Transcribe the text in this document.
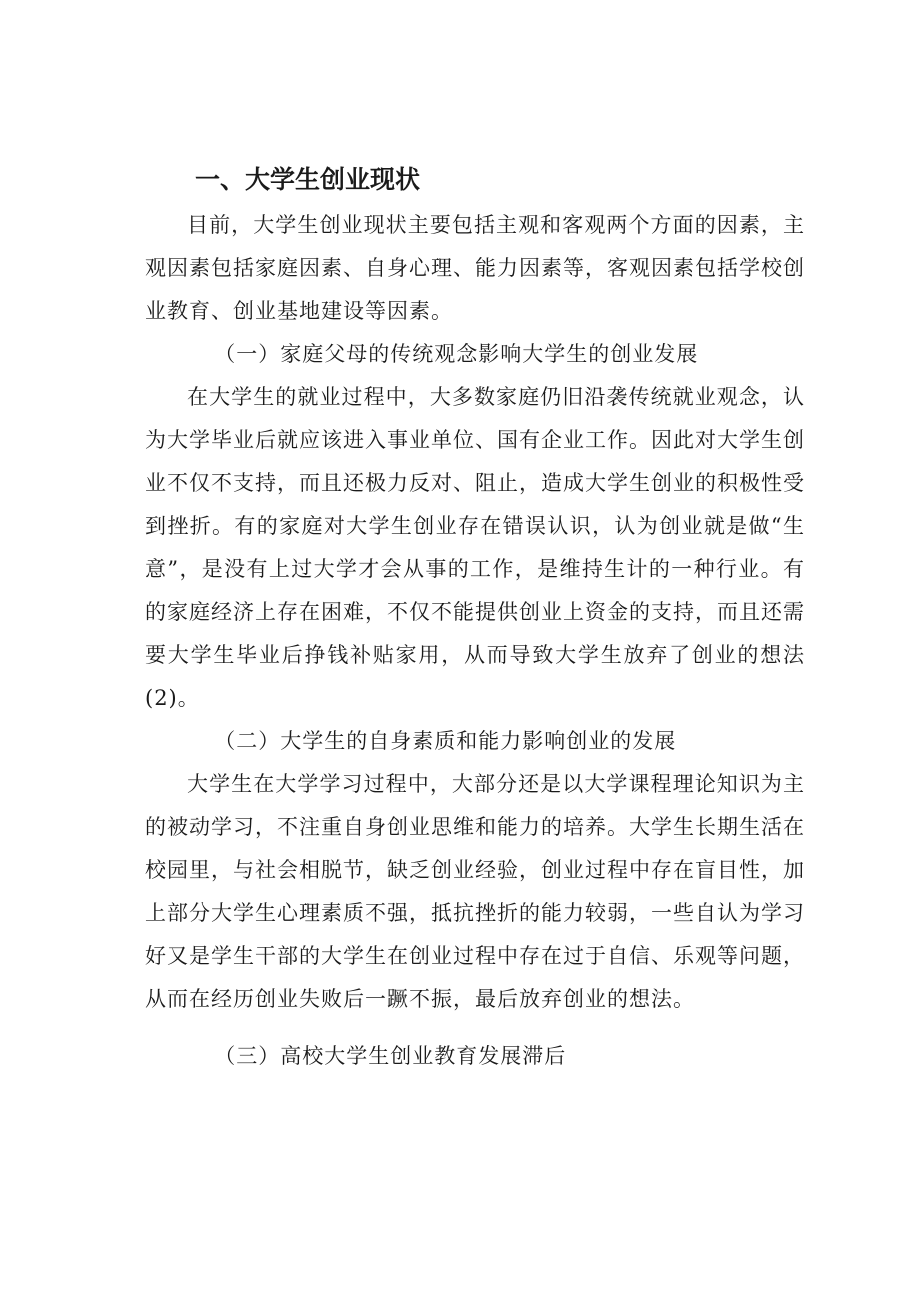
一、大学生创业现状

目前，大学生创业现状主要包括主观和客观两个方面的因素，主观因素包括家庭因素、自身心理、能力因素等，客观因素包括学校创业教育、创业基地建设等因素。

（一）家庭父母的传统观念影响大学生的创业发展

在大学生的就业过程中，大多数家庭仍旧沿袭传统就业观念，认为大学毕业后就应该进入事业单位、国有企业工作。因此对大学生创业不仅不支持，而且还极力反对、阻止，造成大学生创业的积极性受到挫折。有的家庭对大学生创业存在错误认识，认为创业就是做“生意”，是没有上过大学才会从事的工作，是维持生计的一种行业。有的家庭经济上存在困难，不仅不能提供创业上资金的支持，而且还需要大学生毕业后挣钱补贴家用，从而导致大学生放弃了创业的想法(2)。

（二）大学生的自身素质和能力影响创业的发展

大学生在大学学习过程中，大部分还是以大学课程理论知识为主的被动学习，不注重自身创业思维和能力的培养。大学生长期生活在校园里，与社会相脱节，缺乏创业经验，创业过程中存在盲目性，加上部分大学生心理素质不强，抵抗挫折的能力较弱，一些自认为学习好又是学生干部的大学生在创业过程中存在过于自信、乐观等问题，从而在经历创业失败后一蹶不振，最后放弃创业的想法。

（三）高校大学生创业教育发展滞后
